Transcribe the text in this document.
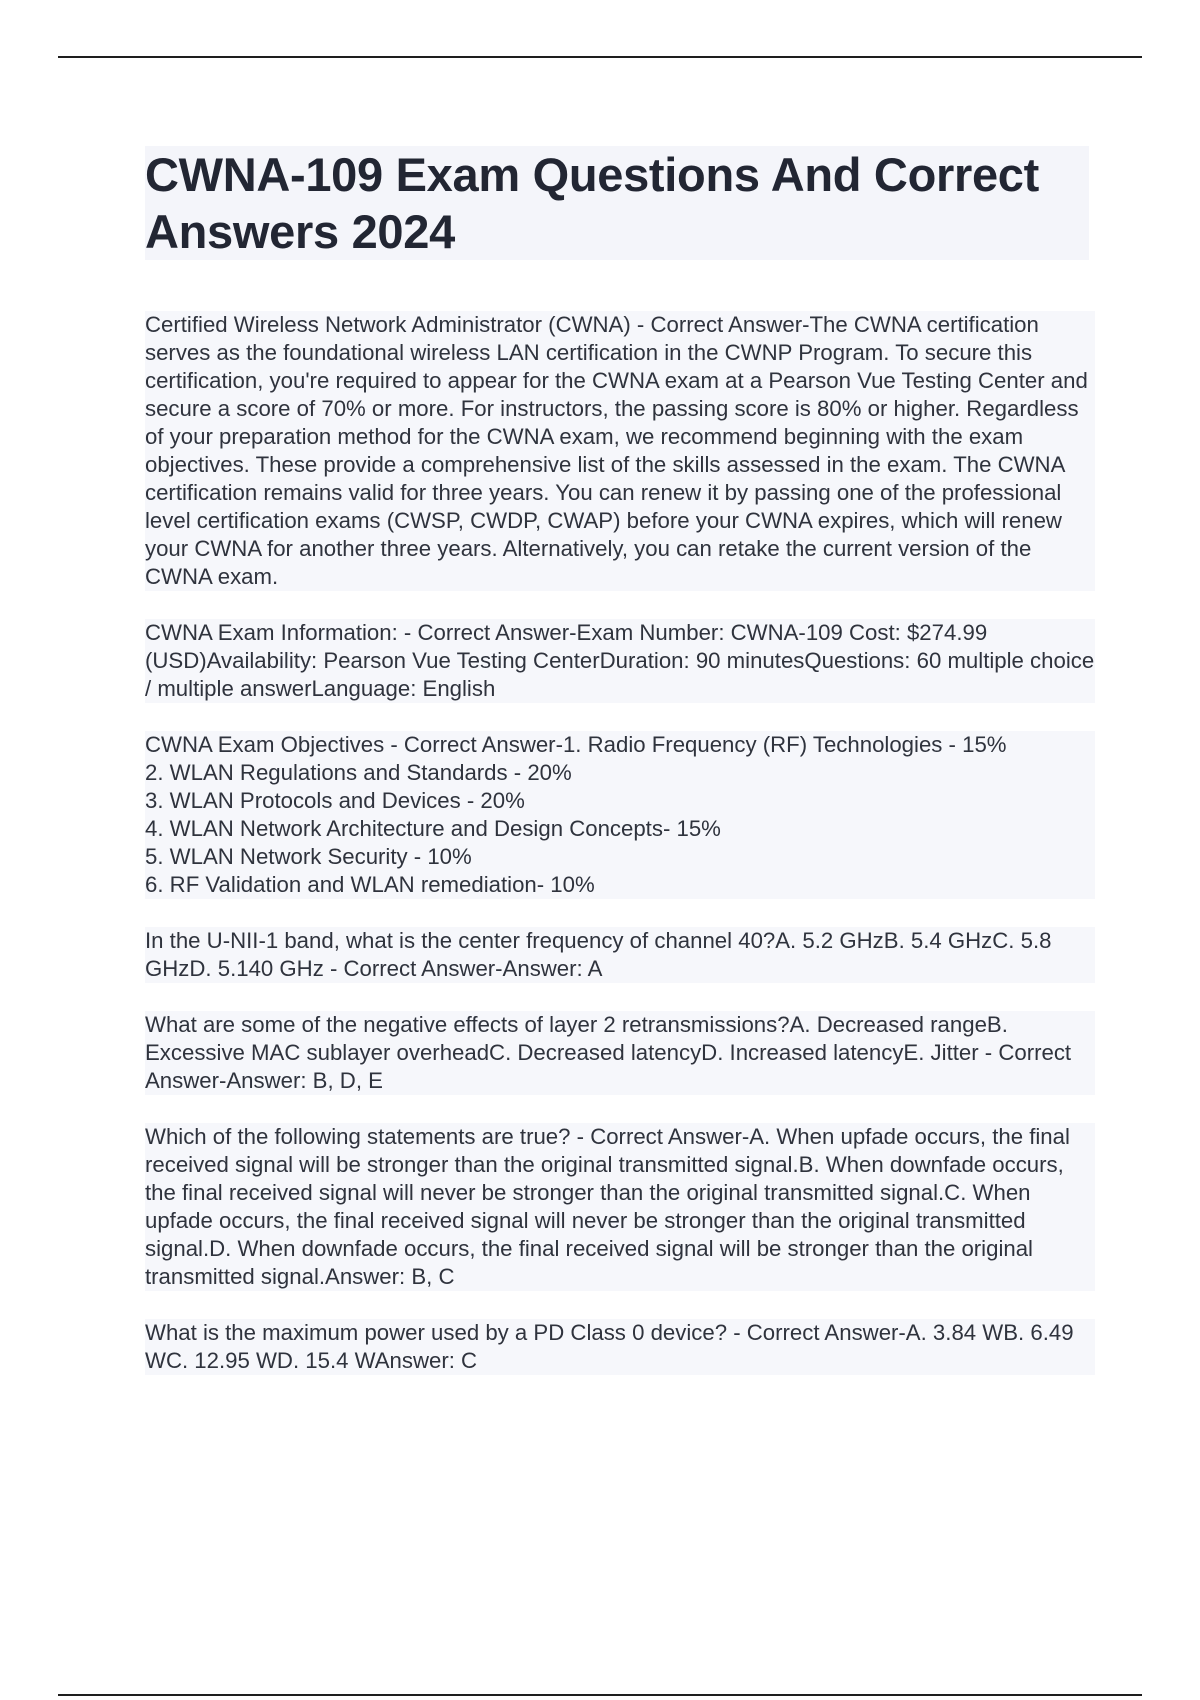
CWNA-109 Exam Questions And Correct Answers 2024

Certified Wireless Network Administrator (CWNA) - Correct Answer-The CWNA certification serves as the foundational wireless LAN certification in the CWNP Program. To secure this certification, you're required to appear for the CWNA exam at a Pearson Vue Testing Center and secure a score of 70% or more. For instructors, the passing score is 80% or higher. Regardless of your preparation method for the CWNA exam, we recommend beginning with the exam objectives. These provide a comprehensive list of the skills assessed in the exam. The CWNA certification remains valid for three years. You can renew it by passing one of the professional level certification exams (CWSP, CWDP, CWAP) before your CWNA expires, which will renew your CWNA for another three years. Alternatively, you can retake the current version of the CWNA exam.

CWNA Exam Information: - Correct Answer-Exam Number: CWNA-109 Cost: $274.99 (USD)Availability: Pearson Vue Testing CenterDuration: 90 minutesQuestions: 60 multiple choice / multiple answerLanguage: English

CWNA Exam Objectives - Correct Answer-1. Radio Frequency (RF) Technologies - 15%
2. WLAN Regulations and Standards - 20%
3. WLAN Protocols and Devices - 20%
4. WLAN Network Architecture and Design Concepts- 15%
5. WLAN Network Security - 10%
6. RF Validation and WLAN remediation- 10%

In the U-NII-1 band, what is the center frequency of channel 40?A. 5.2 GHzB. 5.4 GHzC. 5.8 GHzD. 5.140 GHz - Correct Answer-Answer: A

What are some of the negative effects of layer 2 retransmissions?A. Decreased rangeB. Excessive MAC sublayer overheadC. Decreased latencyD. Increased latencyE. Jitter - Correct Answer-Answer: B, D, E

Which of the following statements are true? - Correct Answer-A. When upfade occurs, the final received signal will be stronger than the original transmitted signal.B. When downfade occurs, the final received signal will never be stronger than the original transmitted signal.C. When upfade occurs, the final received signal will never be stronger than the original transmitted signal.D. When downfade occurs, the final received signal will be stronger than the original transmitted signal.Answer: B, C

What is the maximum power used by a PD Class 0 device? - Correct Answer-A. 3.84 WB. 6.49 WC. 12.95 WD. 15.4 WAnswer: C
